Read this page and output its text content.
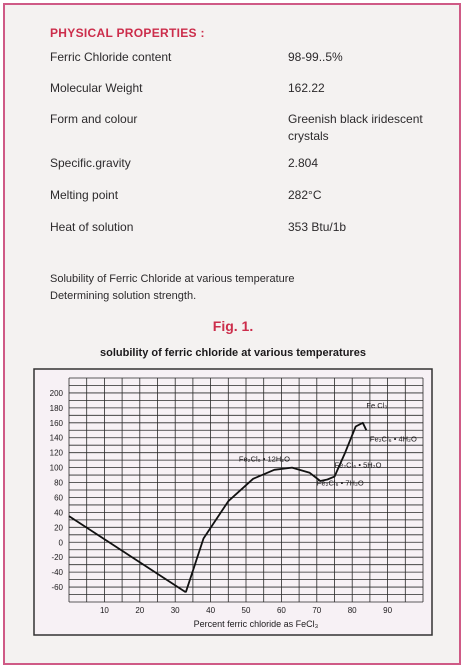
PHYSICAL PROPERTIES :
Ferric Chloride content	98-99..5%
Molecular Weight	162.22
Form and colour	Greenish black iridescent crystals
Specific.gravity	2.804
Melting point	282°C
Heat of solution	353 Btu/1b
Solubility of Ferric Chloride at various temperature
Determining solution strength.
Fig. 1.
solubility of ferric chloride at various temperatures
-60
-40
-20
0
20
40
60
80
100
120
140
160
180
200
10	20	30	40	50	60	70	80	90
Percent ferric chloride as FeCl₃
Fe₂Cl₆ • 12H₂O
Fe Cl₃
Fe₂Cl₆ • 4H₂O
Fe₂Cl₆ • 5H₂O
Fe₂Cl₆ • 7H₂O
